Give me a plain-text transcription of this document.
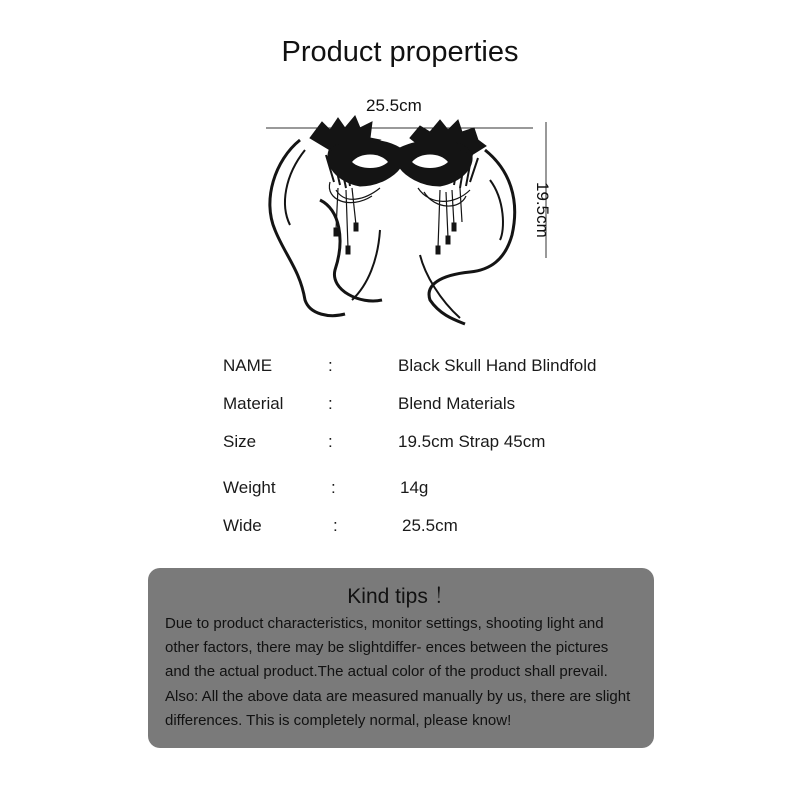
Product properties
25.5cm
19.5cm
NAME	:	Black Skull Hand Blindfold
Material	:	Blend Materials
Size	:	19.5cm Strap 45cm
Weight	:	14g
Wide	:	25.5cm
Kind tips ！
Due to product characteristics, monitor settings, shooting light and
other factors, there may be slightdiffer- ences between the pictures
and the actual product.The actual color of the product shall prevail.
Also: All the above data are measured manually by us, there are slight
differences. This is completely normal, please know!
